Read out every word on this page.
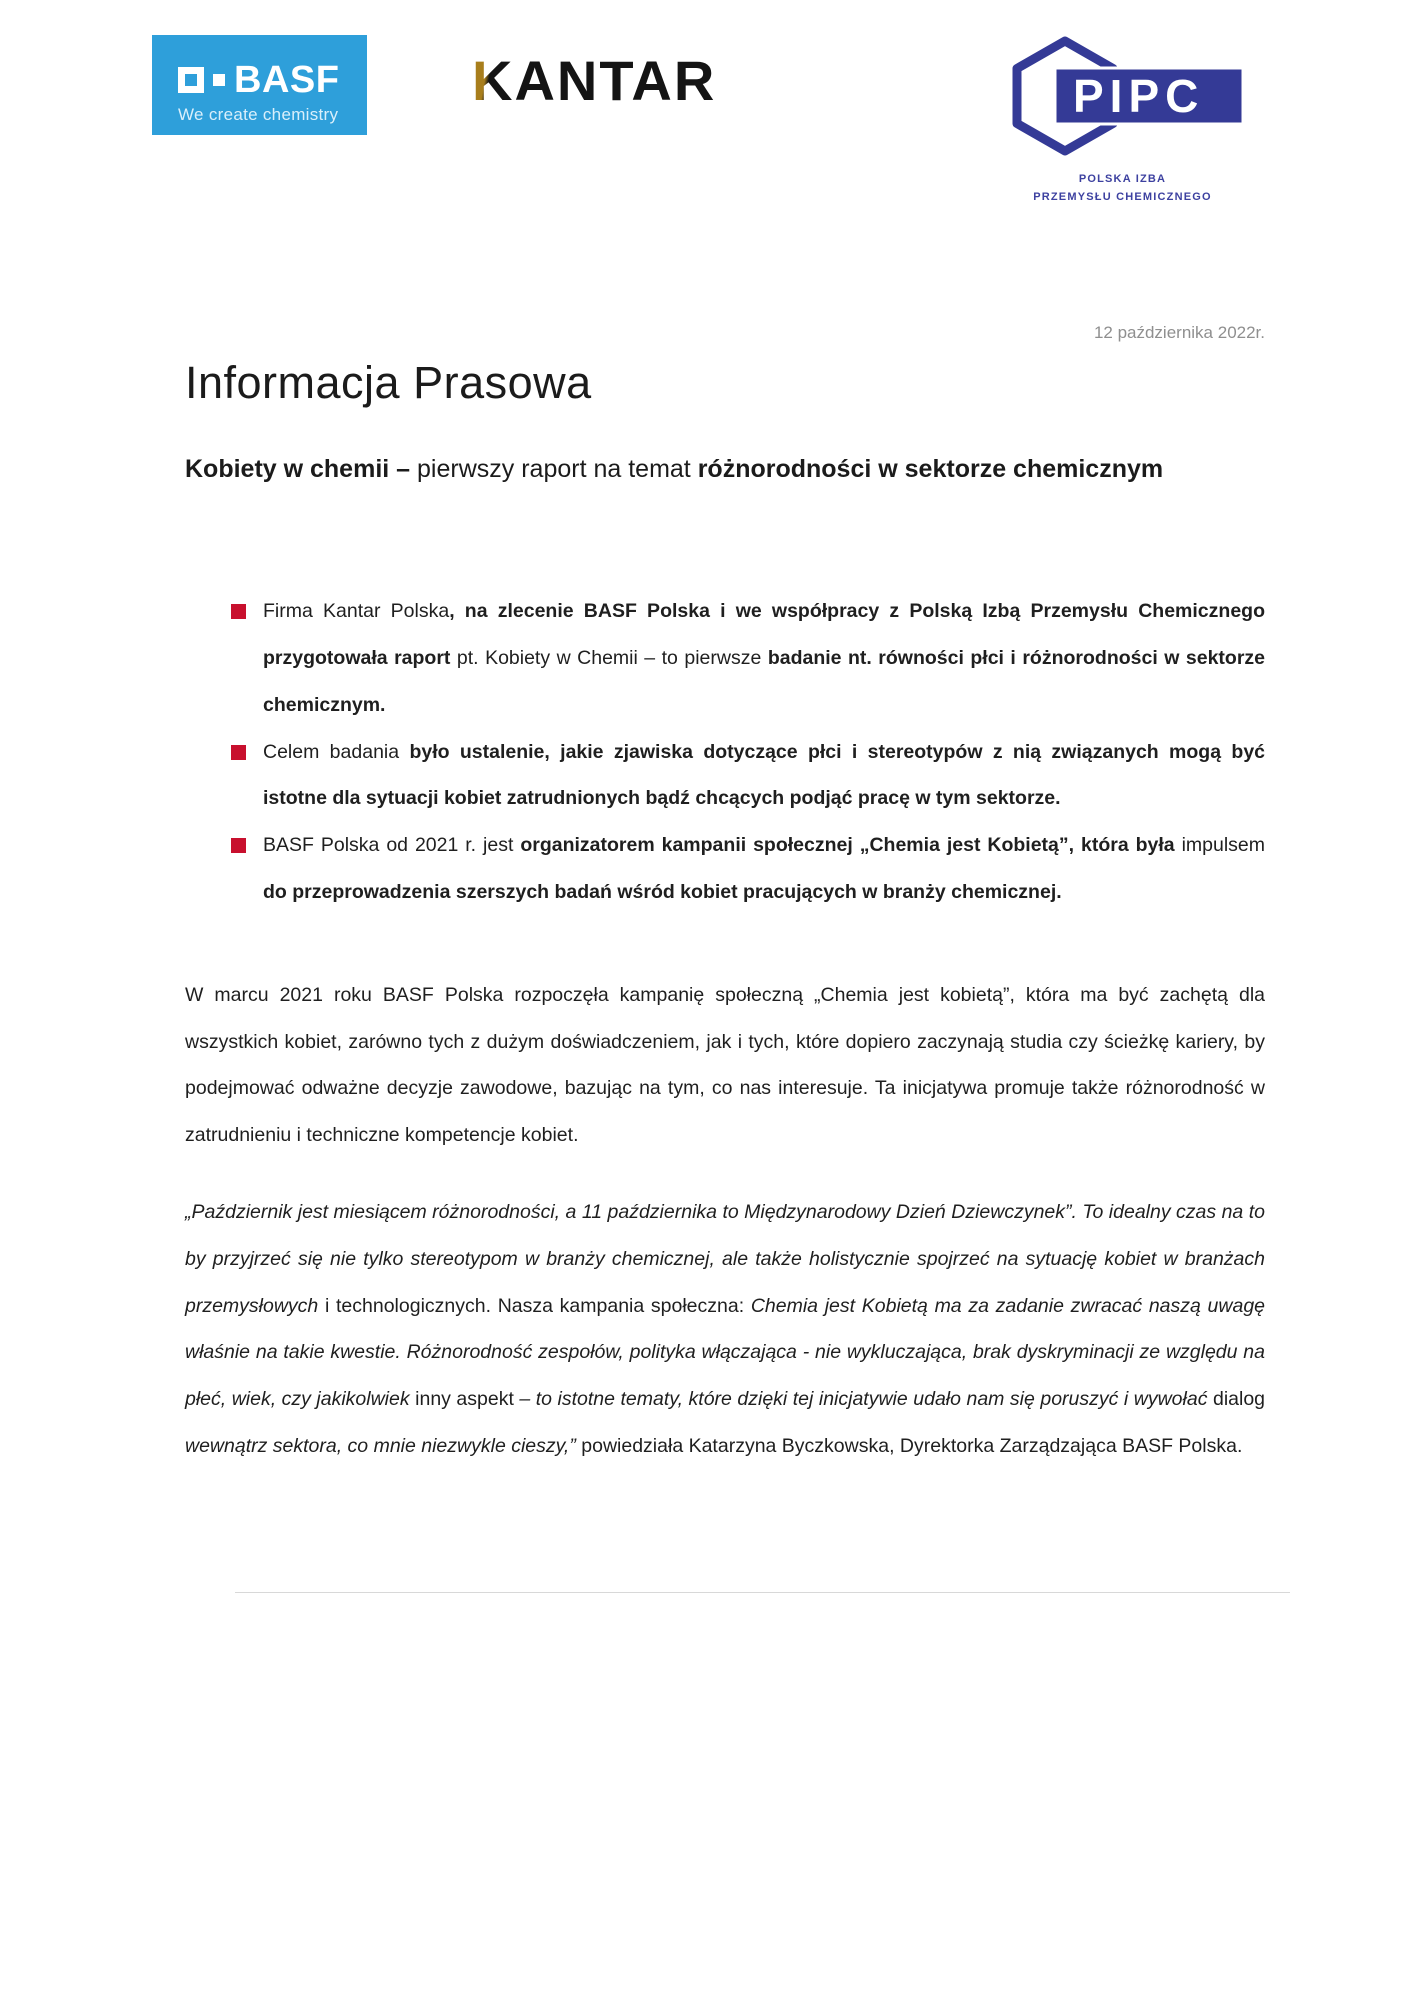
BASF
We create chemistry
KANTAR	PIPC
POLSKA IZBA
PRZEMYSŁU CHEMICZNEGO
12 października 2022r.
Informacja Prasowa
Kobiety w chemii – pierwszy raport na temat różnorodności w sektorze chemicznym
Firma Kantar Polska, na zlecenie BASF Polska i we współpracy z Polską Izbą Przemysłu Chemicznego przygotowała raport pt. Kobiety w Chemii – to pierwsze badanie nt. równości płci i różnorodności w sektorze chemicznym.
Celem badania było ustalenie, jakie zjawiska dotyczące płci i stereotypów z nią związanych mogą być istotne dla sytuacji kobiet zatrudnionych bądź chcących podjąć pracę w tym sektorze.
BASF Polska od 2021 r. jest organizatorem kampanii społecznej „Chemia jest Kobietą”, która była impulsem do przeprowadzenia szerszych badań wśród kobiet pracujących w branży chemicznej.

W marcu 2021 roku BASF Polska rozpoczęła kampanię społeczną „Chemia jest kobietą”, która ma być zachętą dla wszystkich kobiet, zarówno tych z dużym doświadczeniem, jak i tych, które dopiero zaczynają studia czy ścieżkę kariery, by podejmować odważne decyzje zawodowe, bazując na tym, co nas interesuje. Ta inicjatywa promuje także różnorodność w zatrudnieniu i techniczne kompetencje kobiet.

„Październik jest miesiącem różnorodności, a 11 października to Międzynarodowy Dzień Dziewczynek”. To idealny czas na to by przyjrzeć się nie tylko stereotypom w branży chemicznej, ale także holistycznie spojrzeć na sytuację kobiet w branżach przemysłowych i technologicznych. Nasza kampania społeczna: Chemia jest Kobietą ma za zadanie zwracać naszą uwagę właśnie na takie kwestie. Różnorodność zespołów, polityka włączająca - nie wykluczająca, brak dyskryminacji ze względu na płeć, wiek, czy jakikolwiek inny aspekt – to istotne tematy, które dzięki tej inicjatywie udało nam się poruszyć i wywołać dialog wewnątrz sektora, co mnie niezwykle cieszy,” powiedziała Katarzyna Byczkowska, Dyrektorka Zarządzająca BASF Polska.
